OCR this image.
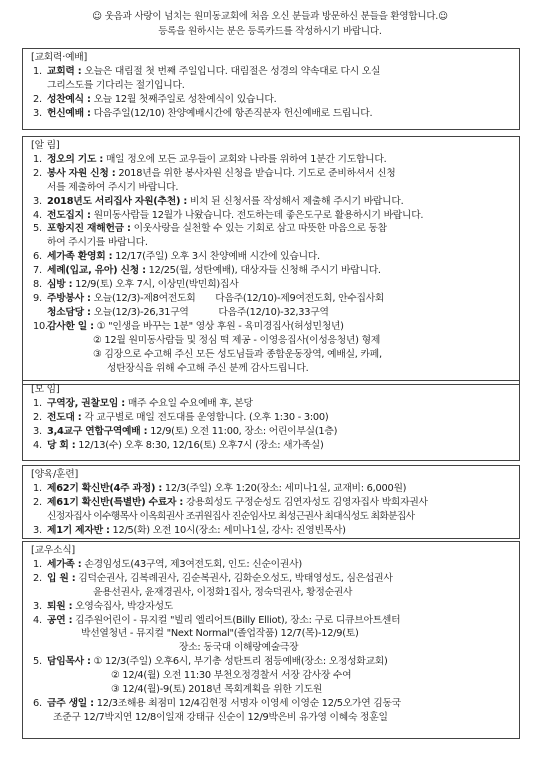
☺ 웃음과 사랑이 넘치는 원미동교회에 처음 오신 분들과 방문하신 분들을 환영합니다.☺
등록을 원하시는 분은 등록카드를 작성하시기 바랍니다.
[교회력·예배]
1. 교회력 : 오늘은 대림절 첫 번째 주일입니다. 대림절은 성경의 약속대로 다시 오실
그리스도를 기다리는 절기입니다.
2. 성찬예식 : 오늘 12월 첫째주일로 성찬예식이 있습니다.
3. 헌신예배 : 다음주일(12/10) 찬양예배시간에 항존직분자 헌신예배로 드립니다.
[알 림]
1. 정오의 기도 : 매일 정오에 모든 교우들이 교회와 나라를 위하여 1분간 기도합니다.
2. 봉사 자원 신청 : 2018년을 위한 봉사자원 신청을 받습니다. 기도로 준비하셔서 신청
서를 제출하여 주시기 바랍니다.
3. 2018년도 서리집사 자원(추천) : 비치 된 신청서를 작성해서 제출해 주시기 바랍니다.
4. 전도집지 : 원미동사람들 12월가 나왔습니다. 전도하는데 좋은도구로 활용하시기 바랍니다.
5. 포항지진 재해헌금 : 이웃사랑을 실천할 수 있는 기회로 삼고 따뜻한 마음으로 동참
하여 주시기를 바랍니다.
6. 세가족 환영회 : 12/17(주일) 오후 3시 찬양예배 시간에 있습니다.
7. 세례(입교, 유아) 신청 : 12/25(월, 성탄예배), 대상자들 신청해 주시기 바랍니다.
8. 심방 : 12/9(토) 오후 7시, 이상민(박민희)집사
9. 주방봉사 : 오늘(12/3)-제8여전도회 다음주(12/10)-제9여전도회, 안수집사회
청소담당 : 오늘(12/3)-26,31구역	다음주(12/10)-32,33구역
10. 감사한 일 : ① "인생을 바꾸는 1분" 영상 후원 - 육미경집사(허성민청년)
② 12월 원미동사람들 및 정심 떡 제공 - 이영응집사(이성응청년) 형제
③ 김장으로 수고해 주신 모든 성도님들과 종합운동장역, 예배실, 카페,
성탄장식을 위해 수고해 주신 분께 감사드립니다.
[모 임]
1. 구역장, 권찰모임 : 매주 수요일 수요예배 후, 본당
2. 전도대 : 각 교구별로 매일 전도대를 운영합니다. (오후 1:30 - 3:00)
3. 3,4교구 연합구역예배 : 12/9(토) 오전 11:00, 장소: 어린이부실(1층)
4. 당 회 : 12/13(수) 오후 8:30, 12/16(토) 오후7시 (장소: 새가족실)
[양육/훈련]
1. 제62기 확신반(4주 과정) : 12/3(주일) 오후 1:20(장소: 세미나1실, 교재비: 6,000원)
2. 제61기 확신반(특별반) 수료자 : 강용희성도 구정순성도 김연자성도 김영자집사 박희자권사
신정자집사 이수행목사 이옥희권사 조귀원집사 진순임사모 최성근권사 최대식성도 최화분집사
3. 제1기 제자반 : 12/5(화) 오전 10시(장소: 세미나1실, 강사: 진영빈목사)
[교우소식]
1. 세가족 : 손경임성도(43구역, 제3여전도회, 인도: 신순이권사)
2. 입 원 : 김덕순권사, 김복례권사, 김순복권사, 김화순오성도, 박태영성도, 심은섭권사
윤용선권사, 윤재경권사, 이정화1집사, 정숙덕권사, 황정순권사
3. 퇴원 : 오영숙집사, 박강자성도
4. 공연 : 김주원어린이 - 뮤지컬 "빌리 엘리어트(Billy Elliot), 장소: 구로 디큐브아트센터
박선열청년 - 뮤지컬 "Next Normal"(졸업작품) 12/7(목)-12/9(토)
장소: 동국대 이해랑예술극장
5. 담임목사 : ① 12/3(주일) 오후6시, 부기총 성탄트리 점등예배(장소: 오정성화교회)
② 12/4(월) 오전 11:30 부천오정경찰서 서장 감사장 수여
③ 12/4(월)-9(토) 2018년 목회계획을 위한 기도원
6. 금주 생일 : 12/3조해용 최점미 12/4김현정 서명자 이영세 이영순 12/5오가연 김동국
조준구 12/7박지연 12/8이일재 강태규 신순이 12/9박은비 유가영 이혜숙 정훈일
